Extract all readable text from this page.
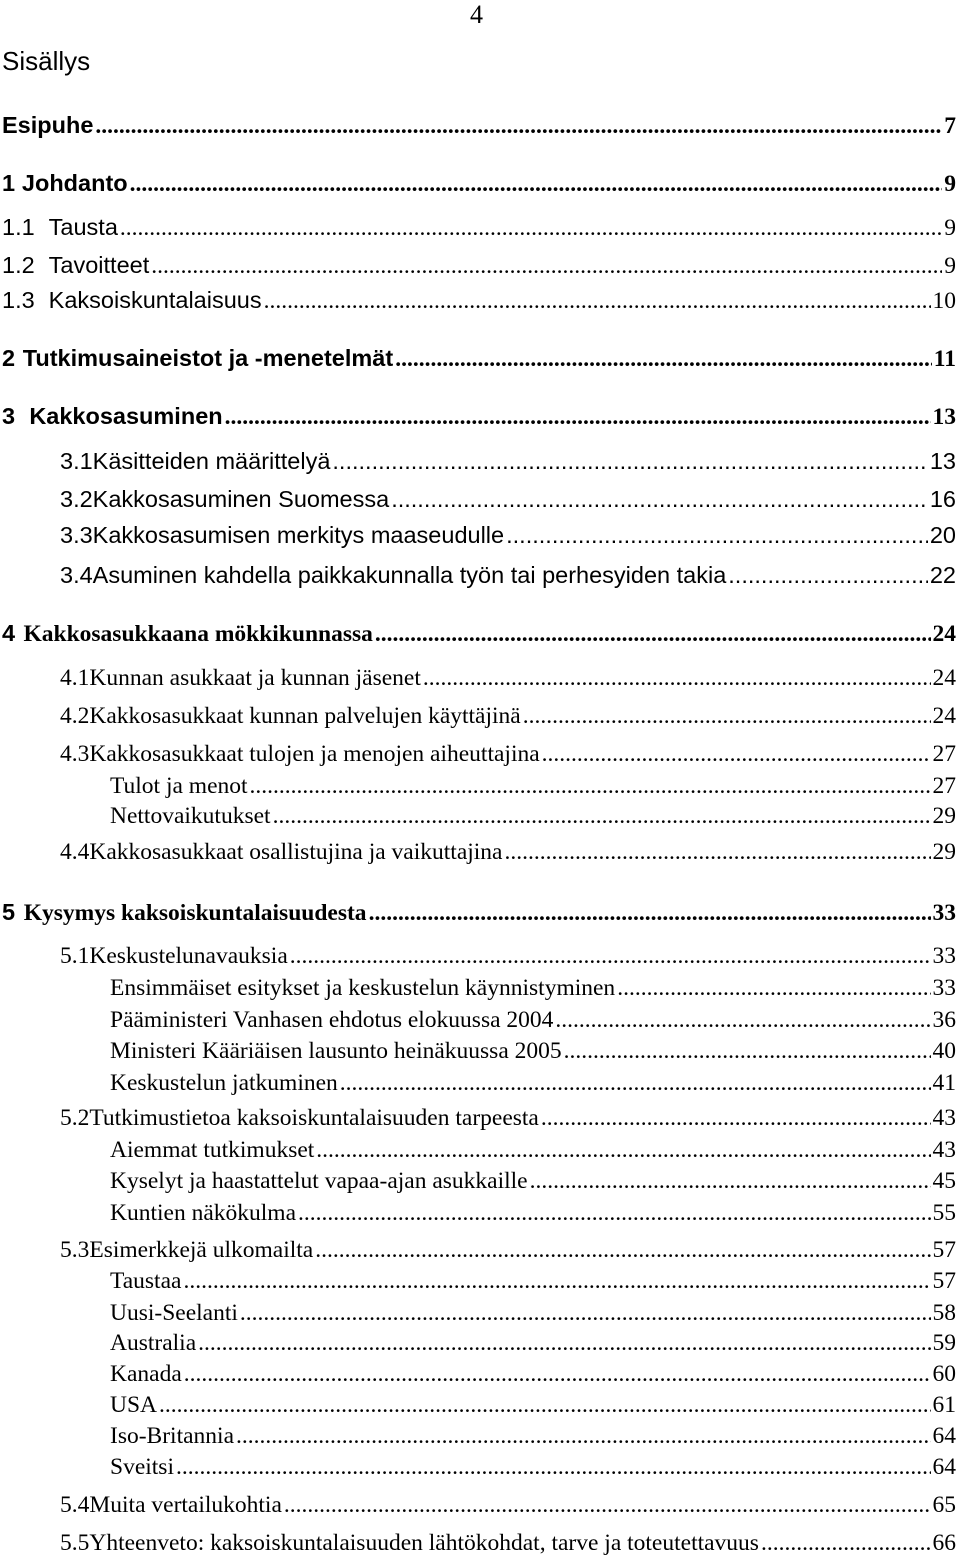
4
Sisällys
Esipuhe .....	7
1 Johdanto .....	9
1.1 Tausta .....	9
1.2 Tavoitteet .....	9
1.3 Kaksoiskuntalaisuus .....	10
2 Tutkimusaineistot ja -menetelmät .....	11
3 Kakkosasuminen .....	13
3.1 Käsitteiden määrittelyä .....	13
3.2 Kakkosasuminen Suomessa .....	16
3.3 Kakkosasumisen merkitys maaseudulle .....	20
3.4 Asuminen kahdella paikkakunnalla työn tai perhesyiden takia .....	22
4 Kakkosasukkaana mökkikunnassa .....	24
4.1 Kunnan asukkaat ja kunnan jäsenet .....	24
4.2 Kakkosasukkaat kunnan palvelujen käyttäjinä .....	24
4.3 Kakkosasukkaat tulojen ja menojen aiheuttajina .....	27
Tulot ja menot .....	27
Nettovaikutukset .....	29
4.4 Kakkosasukkaat osallistujina ja vaikuttajina .....	29
5 Kysymys kaksoiskuntalaisuudesta .....	33
5.1 Keskustelunavauksia .....	33
Ensimmäiset esitykset ja keskustelun käynnistyminen .....	33
Pääministeri Vanhasen ehdotus elokuussa 2004 .....	36
Ministeri Kääriäisen lausunto heinäkuussa 2005 .....	40
Keskustelun jatkuminen .....	41
5.2 Tutkimustietoa kaksoiskuntalaisuuden tarpeesta .....	43
Aiemmat tutkimukset .....	43
Kyselyt ja haastattelut vapaa-ajan asukkaille .....	45
Kuntien näkökulma .....	55
5.3 Esimerkkejä ulkomailta .....	57
Taustaa .....	57
Uusi-Seelanti .....	58
Australia .....	59
Kanada .....	60
USA .....	61
Iso-Britannia .....	64
Sveitsi .....	64
5.4 Muita vertailukohtia .....	65
5.5 Yhteenveto: kaksoiskuntalaisuuden lähtökohdat, tarve ja toteutettavuus .....	66
